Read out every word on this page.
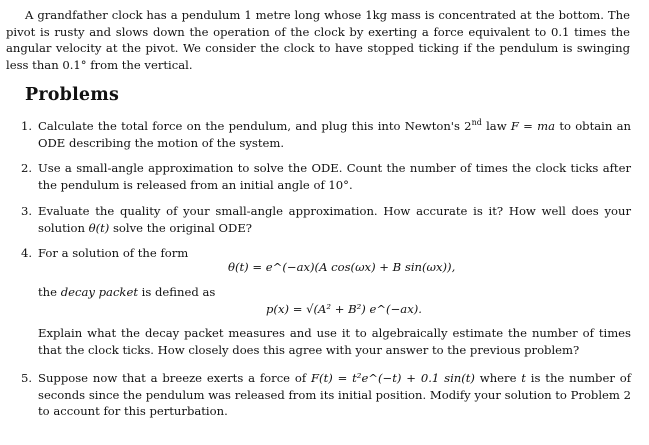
A grandfather clock has a pendulum 1 metre long whose 1kg mass is concentrated at the bottom. The pivot is rusty and slows down the operation of the clock by exerting a force equivalent to 0.1 times the angular velocity at the pivot. We consider the clock to have stopped ticking if the pendulum is swinging less than 0.1° from the vertical.

Problems
1. Calculate the total force on the pendulum, and plug this into Newton's 2nd law F = ma to obtain an ODE describing the motion of the system.
2. Use a small-angle approximation to solve the ODE. Count the number of times the clock ticks after the pendulum is released from an initial angle of 10°.
3. Evaluate the quality of your small-angle approximation. How accurate is it? How well does your solution θ(t) solve the original ODE?
4. For a solution of the form
θ(t) = e^(−ax)(A cos(ωx) + B sin(ωx)),
the decay packet is defined as
p(x) = √(A² + B²) e^(−ax).
Explain what the decay packet measures and use it to algebraically estimate the number of times that the clock ticks. How closely does this agree with your answer to the previous problem?
5. Suppose now that a breeze exerts a force of F(t) = t²e^(−t) + 0.1 sin(t) where t is the number of seconds since the pendulum was released from its initial position. Modify your solution to Problem 2 to account for this perturbation.
